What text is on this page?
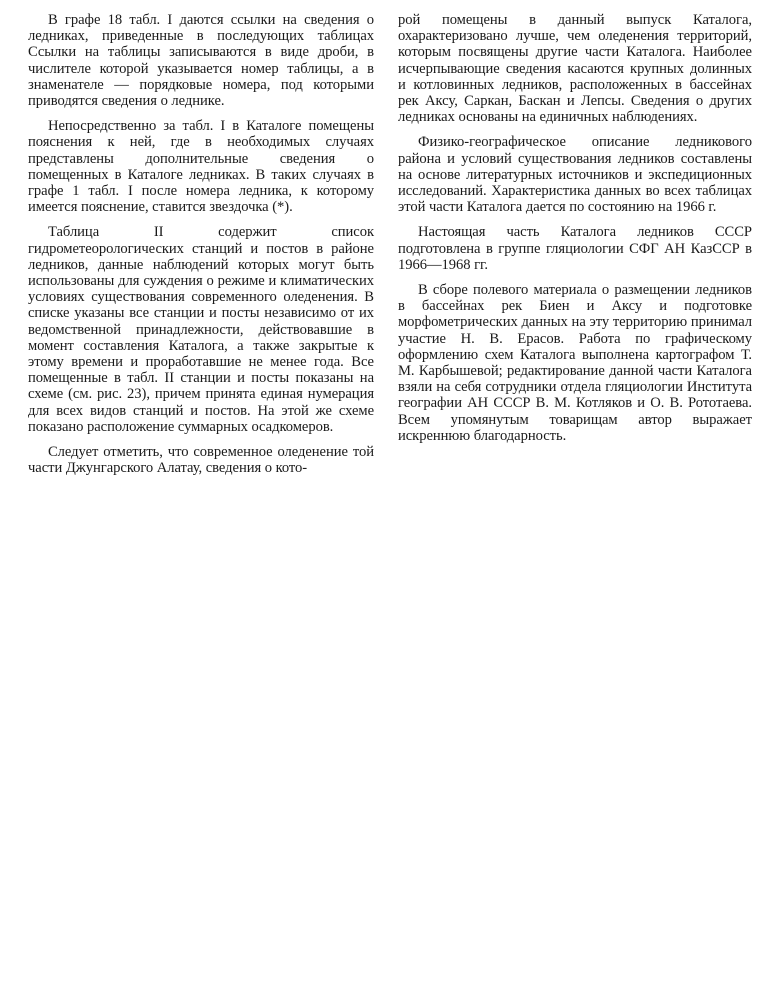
В графе 18 табл. I даются ссылки на сведения о ледниках, приведенные в последующих таблицах Ссылки на таблицы записываются в виде дроби, в числителе которой указывается номер таблицы, а в знаменателе — порядковые номера, под которыми приводятся сведения о леднике.

Непосредственно за табл. I в Каталоге помещены пояснения к ней, где в необходимых случаях представлены дополнительные сведения о помещенных в Каталоге ледниках. В таких случаях в графе 1 табл. I после номера ледника, к которому имеется пояснение, ставится звездочка (*).

Таблица II содержит список гидрометеорологических станций и постов в районе ледников, данные наблюдений которых могут быть использованы для суждения о режиме и климатических условиях существования современного оледенения. В списке указаны все станции и посты независимо от их ведомственной принадлежности, действовавшие в момент составления Каталога, а также закрытые к этому времени и проработавшие не менее года. Все помещенные в табл. II станции и посты показаны на схеме (см. рис. 23), причем принята единая нумерация для всех видов станций и постов. На этой же схеме показано расположение суммарных осадкомеров.

Следует отметить, что современное оледенение той части Джунгарского Алатау, сведения о кото-

рой помещены в данный выпуск Каталога, охарактеризовано лучше, чем оледенения территорий, которым посвящены другие части Каталога. Наиболее исчерпывающие сведения касаются крупных долинных и котловинных ледников, расположенных в бассейнах рек Аксу, Саркан, Баскан и Лепсы. Сведения о других ледниках основаны на единичных наблюдениях.

Физико-географическое описание ледникового района и условий существования ледников составлены на основе литературных источников и экспедиционных исследований. Характеристика данных во всех таблицах этой части Каталога дается по состоянию на 1966 г.

Настоящая часть Каталога ледников СССР подготовлена в группе гляциологии СФГ АН КазССР в 1966—1968 гг.

В сборе полевого материала о размещении ледников в бассейнах рек Биен и Аксу и подготовке морфометрических данных на эту территорию принимал участие Н. В. Ерасов. Работа по графическому оформлению схем Каталога выполнена картографом Т. М. Карбышевой; редактирование данной части Каталога взяли на себя сотрудники отдела гляциологии Института географии АН СССР В. М. Котляков и О. В. Рототаева. Всем упомянутым товарищам автор выражает искреннюю благодарность.
